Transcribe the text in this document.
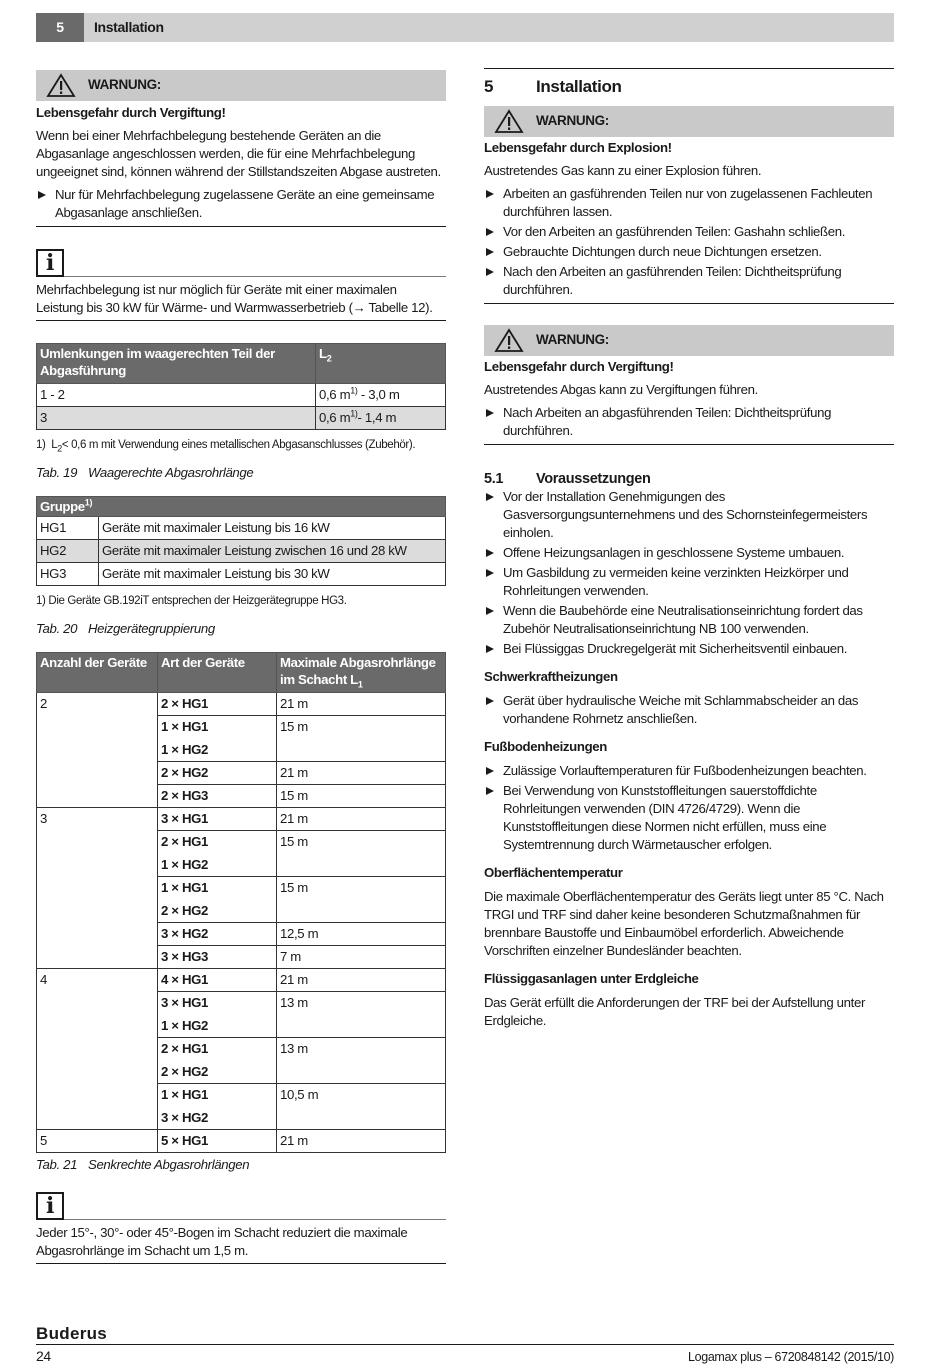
5	Installation
WARNUNG:

Lebensgefahr durch Vergiftung!

Wenn bei einer Mehrfachbelegung bestehende Geräten an die Abgasanlage angeschlossen werden, die für eine Mehrfachbelegung ungeeignet sind, können während der Stillstandszeiten Abgase austreten.

Nur für Mehrfachbelegung zugelassene Geräte an eine gemeinsame Abgasanlage anschließen.
i

Mehrfachbelegung ist nur möglich für Geräte mit einer maximalen Leistung bis 30 kW für Wärme- und Warmwasserbetrieb (→ Tabelle 12).

Umlenkungen im waagerechten Teil der Abgasführung	$L_2$
1 - 2	0,6 $m^{1)} - 3,0$ m
3	0,6 $m^{1)}-$ 1,4 m

1)  $L_2< 0,6$ m mit Verwendung eines metallischen Abgasanschlusses (Zubehör).

Tab. 19 Waagerechte Abgasrohrlänge

Gruppe$^{1)}$
HG1	Geräte mit maximaler Leistung bis 16 kW
HG2	Geräte mit maximaler Leistung zwischen 16 und 28 kW
HG3	Geräte mit maximaler Leistung bis 30 kW

1) Die Geräte GB.192iT entsprechen der Heizgerätegruppe HG3.

Tab. 20 Heizgerätegruppierung

Anzahl der Geräte	Art der Geräte	Maximale Abgasrohrlänge im Schacht $L_1$
2	2 × HG1	21 m
	1 × HG1	15 m
	1 × HG2	
	2 × HG2	21 m
	2 × HG3	15 m
3	3 × HG1	21 m
	2 × HG1	15 m
	1 × HG2	
	1 × HG1	15 m
	2 × HG2	
	3 × HG2	12,5 m
	3 × HG3	7 m
4	4 × HG1	21 m
	3 × HG1	13 m
	1 × HG2	
	2 × HG1	13 m
	2 × HG2	
	1 × HG1	10,5 m
	3 × HG2	
5	5 × HG1	21 m

Tab. 21 Senkrechte Abgasrohrlängen

i

Jeder 15°-, 30°- oder 45°-Bogen im Schacht reduziert die maximale Abgasrohrlänge im Schacht um 1,5 m.

5	Installation
WARNUNG:

Lebensgefahr durch Explosion!

Austretendes Gas kann zu einer Explosion führen.

Arbeiten an gasführenden Teilen nur von zugelassenen Fachleuten durchführen lassen.
Vor den Arbeiten an gasführenden Teilen: Gashahn schließen.
Gebrauchte Dichtungen durch neue Dichtungen ersetzen.
Nach den Arbeiten an gasführenden Teilen: Dichtheitsprüfung durchführen.
WARNUNG:

Lebensgefahr durch Vergiftung!

Austretendes Abgas kann zu Vergiftungen führen.

Nach Arbeiten an abgasführenden Teilen: Dichtheitsprüfung durchführen.
5.1 Voraussetzungen
Vor der Installation Genehmigungen des Gasversorgungsunternehmens und des Schornsteinfegermeisters einholen.
Offene Heizungsanlagen in geschlossene Systeme umbauen.
Um Gasbildung zu vermeiden keine verzinkten Heizkörper und Rohrleitungen verwenden.
Wenn die Baubehörde eine Neutralisationseinrichtung fordert das Zubehör Neutralisationseinrichtung NB 100 verwenden.
Bei Flüssiggas Druckregelgerät mit Sicherheitsventil einbauen.
Schwerkraftheizungen
Gerät über hydraulische Weiche mit Schlammabscheider an das vorhandene Rohrnetz anschließen.
Fußbodenheizungen
Zulässige Vorlauftemperaturen für Fußbodenheizungen beachten.
Bei Verwendung von Kunststoffleitungen sauerstoffdichte Rohrleitungen verwenden (DIN 4726/4729). Wenn die Kunststoffleitungen diese Normen nicht erfüllen, muss eine Systemtrennung durch Wärmetauscher erfolgen.
Oberflächentemperatur

Die maximale Oberflächentemperatur des Geräts liegt unter 85 °C. Nach TRGI und TRF sind daher keine besonderen Schutzmaßnahmen für brennbare Baustoffe und Einbaumöbel erforderlich. Abweichende Vorschriften einzelner Bundesländer beachten.

Flüssiggasanlagen unter Erdgleiche

Das Gerät erfüllt die Anforderungen der TRF bei der Aufstellung unter Erdgleiche.

Buderus
24	Logamax plus – 6720848142 (2015/10)
